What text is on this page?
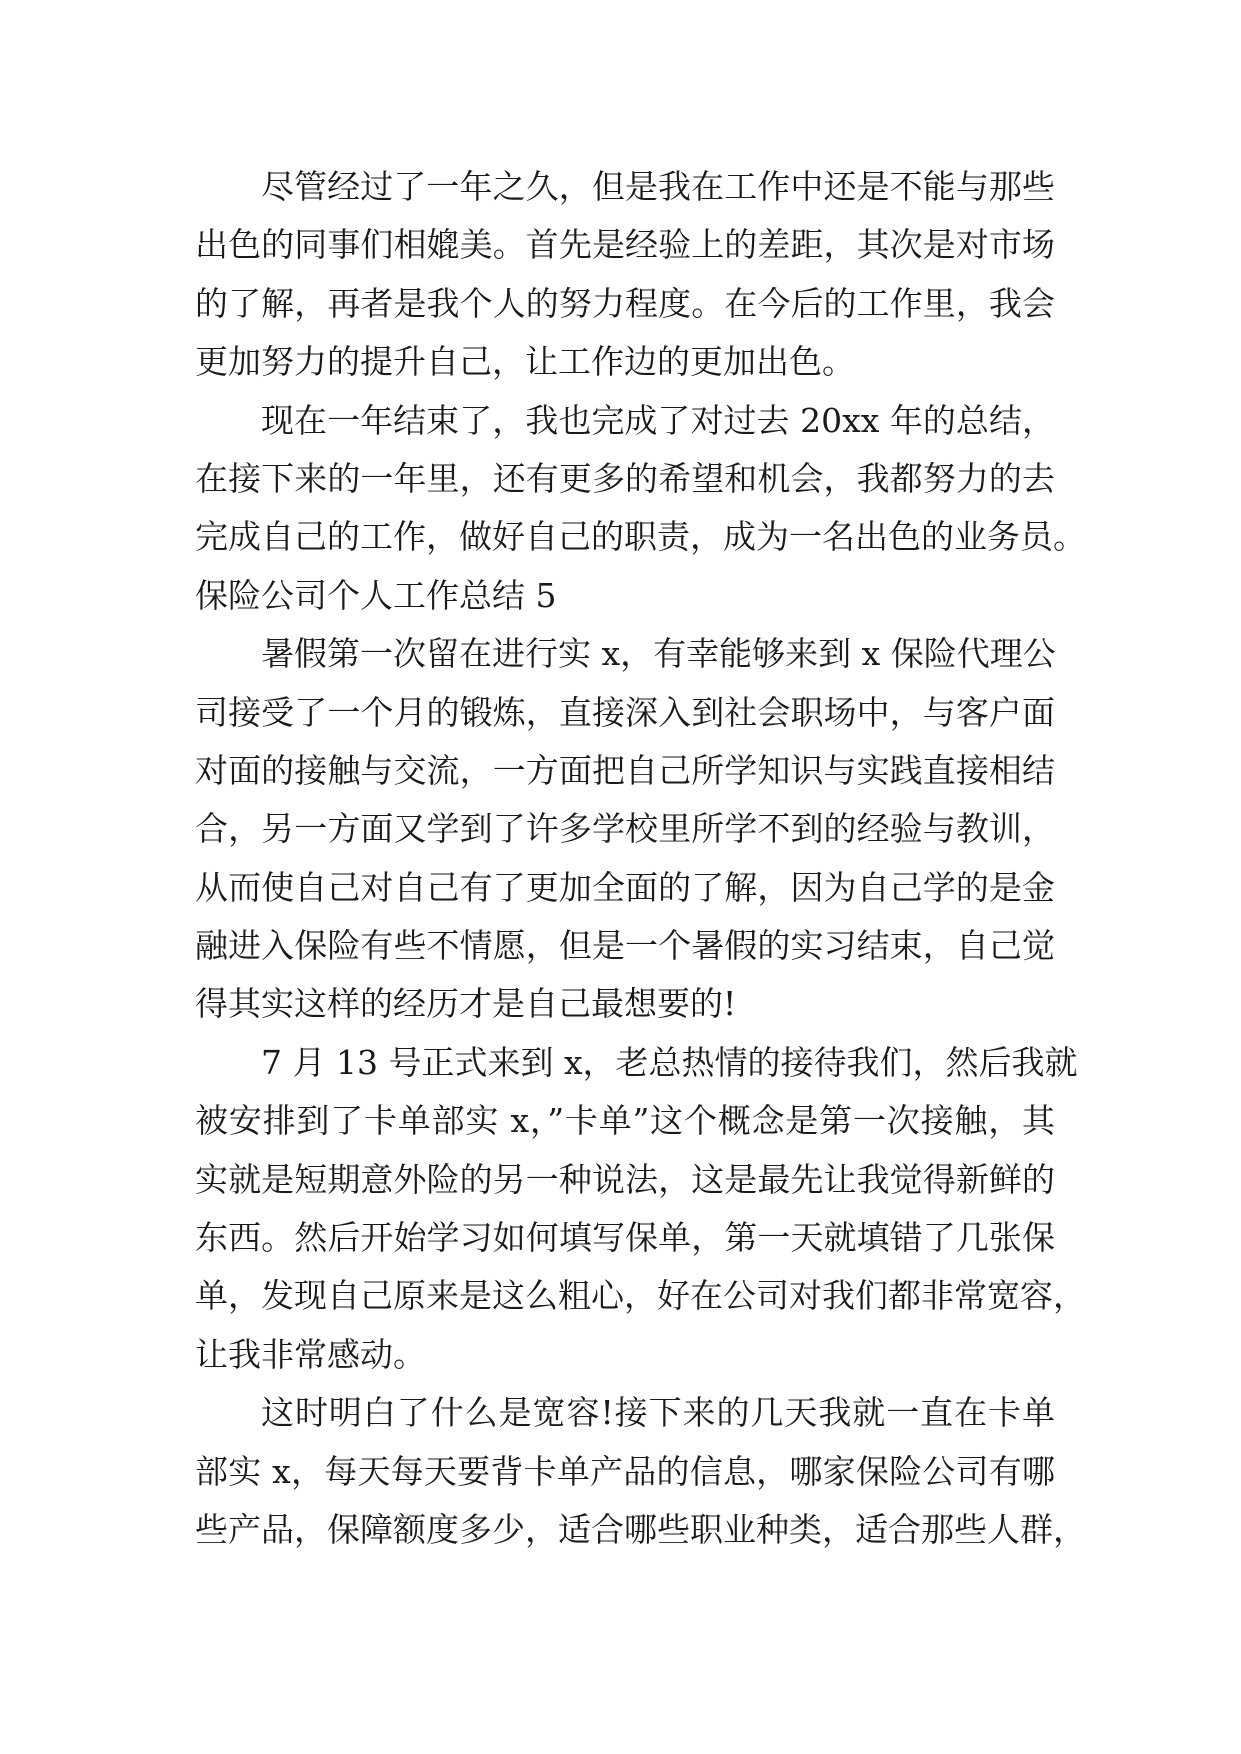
尽管经过了一年之久，但是我在工作中还是不能与那些
出色的同事们相媲美。首先是经验上的差距，其次是对市场
的了解，再者是我个人的努力程度。在今后的工作里，我会
更加努力的提升自己，让工作边的更加出色。
现在一年结束了，我也完成了对过去 20xx 年的总结，
在接下来的一年里，还有更多的希望和机会，我都努力的去
完成自己的工作，做好自己的职责，成为一名出色的业务员。
保险公司个人工作总结 5
暑假第一次留在进行实 x，有幸能够来到 x 保险代理公
司接受了一个月的锻炼，直接深入到社会职场中，与客户面
对面的接触与交流，一方面把自己所学知识与实践直接相结
合，另一方面又学到了许多学校里所学不到的经验与教训，
从而使自己对自己有了更加全面的了解，因为自己学的是金
融进入保险有些不情愿，但是一个暑假的实习结束，自己觉
得其实这样的经历才是自己最想要的!
7 月 13 号正式来到 x，老总热情的接待我们，然后我就
被安排到了卡单部实 x，”卡单”这个概念是第一次接触，其
实就是短期意外险的另一种说法，这是最先让我觉得新鲜的
东西。然后开始学习如何填写保单，第一天就填错了几张保
单，发现自己原来是这么粗心，好在公司对我们都非常宽容，
让我非常感动。
这时明白了什么是宽容!接下来的几天我就一直在卡单
部实 x，每天每天要背卡单产品的信息，哪家保险公司有哪
些产品，保障额度多少，适合哪些职业种类，适合那些人群，
